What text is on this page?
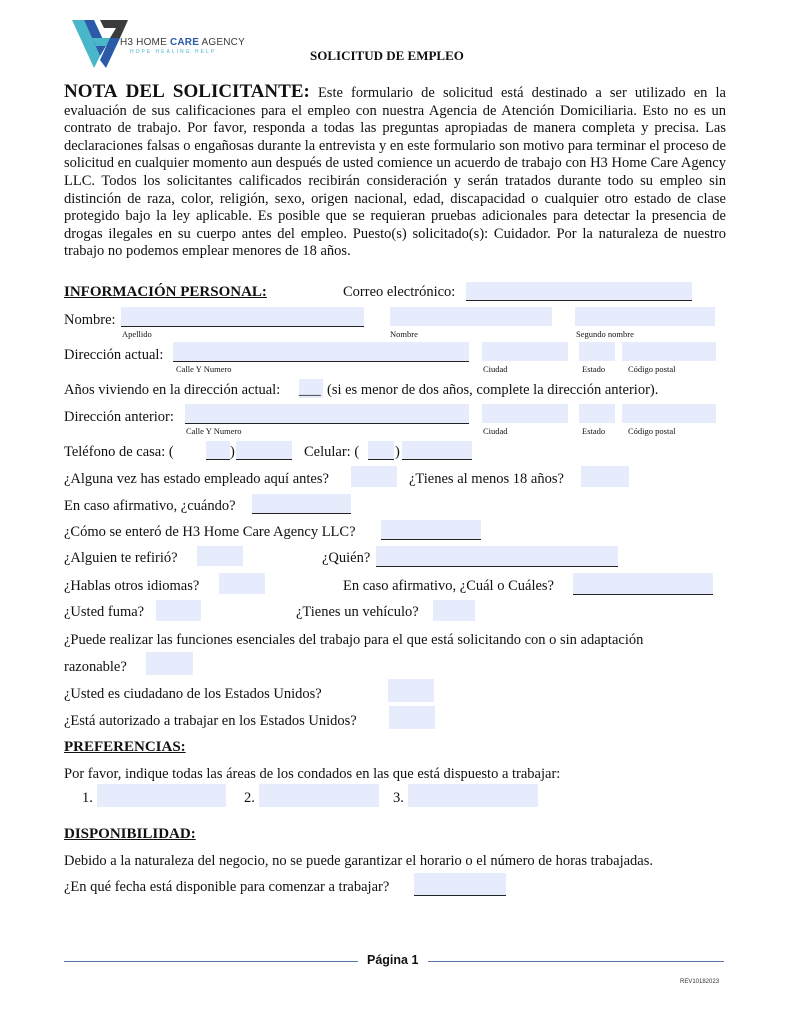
H3 HOME CARE AGENCY
HOPE HEALING HELP	SOLICITUD DE EMPLEO
NOTA DEL SOLICITANTE: Este formulario de solicitud está destinado a ser utilizado en la evaluación de sus calificaciones para el empleo con nuestra Agencia de Atención Domiciliaria. Esto no es un contrato de trabajo. Por favor, responda a todas las preguntas apropiadas de manera completa y precisa. Las declaraciones falsas o engañosas durante la entrevista y en este formulario son motivo para terminar el proceso de solicitud en cualquier momento aun después de usted comience un acuerdo de trabajo con H3 Home Care Agency LLC. Todos los solicitantes calificados recibirán consideración y serán tratados durante todo su empleo sin distinción de raza, color, religión, sexo, origen nacional, edad, discapacidad o cualquier otro estado de clase protegido bajo la ley aplicable. Es posible que se requieran pruebas adicionales para detectar la presencia de drogas ilegales en su cuerpo antes del empleo. Puesto(s) solicitado(s): Cuidador. Por la naturaleza de nuestro trabajo no podemos emplear menores de 18 años.
INFORMACIÓN PERSONAL:	Correo electrónico:
Nombre:
Apellido	Nombre	Segundo nombre
Dirección actual:
Calle Y Numero	Ciudad	Estado	Código postal
Años viviendo en la dirección actual: ___ (si es menor de dos años, complete la dirección anterior).
Dirección anterior:
Calle Y Numero	Ciudad	Estado	Código postal
Teléfono de casa: (	)	Celular: ( )
¿Alguna vez has estado empleado aquí antes?	¿Tienes al menos 18 años?
En caso afirmativo, ¿cuándo?
¿Cómo se enteró de H3 Home Care Agency LLC?
¿Alguien te refirió?	¿Quién?
¿Hablas otros idiomas?	En caso afirmativo, ¿Cuál o Cuáles?
¿Usted fuma?	¿Tienes un vehículo?
¿Puede realizar las funciones esenciales del trabajo para el que está solicitando con o sin adaptación
razonable?
¿Usted es ciudadano de los Estados Unidos?
¿Está autorizado a trabajar en los Estados Unidos?
PREFERENCIAS:
Por favor, indique todas las áreas de los condados en las que está dispuesto a trabajar:
1.	2.	3.
DISPONIBILIDAD:
Debido a la naturaleza del negocio, no se puede garantizar el horario o el número de horas trabajadas.
¿En qué fecha está disponible para comenzar a trabajar?
Página 1
REV10182023
